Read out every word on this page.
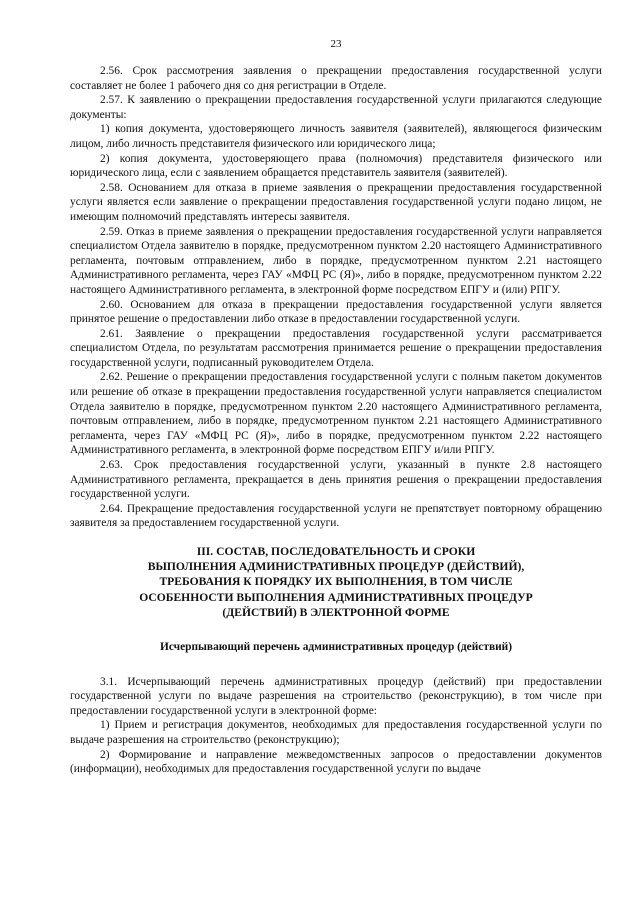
23

2.56. Срок рассмотрения заявления о прекращении предоставления государственной услуги составляет не более 1 рабочего дня со дня регистрации в Отделе.

2.57. К заявлению о прекращении предоставления государственной услуги прилагаются следующие документы:

1) копия документа, удостоверяющего личность заявителя (заявителей), являющегося физическим лицом, либо личность представителя физического или юридического лица;

2) копия документа, удостоверяющего права (полномочия) представителя физического или юридического лица, если с заявлением обращается представитель заявителя (заявителей).

2.58. Основанием для отказа в приеме заявления о прекращении предоставления государственной услуги является если заявление о прекращении предоставления государственной услуги подано лицом, не имеющим полномочий представлять интересы заявителя.

2.59. Отказ в приеме заявления о прекращении предоставления государственной услуги направляется специалистом Отдела заявителю в порядке, предусмотренном пунктом 2.20 настоящего Административного регламента, почтовым отправлением, либо в порядке, предусмотренном пунктом 2.21 настоящего Административного регламента, через ГАУ «МФЦ РС (Я)», либо в порядке, предусмотренном пунктом 2.22 настоящего Административного регламента, в электронной форме посредством ЕПГУ и (или) РПГУ.

2.60. Основанием для отказа в прекращении предоставления государственной услуги является принятое решение о предоставлении либо отказе в предоставлении государственной услуги.

2.61. Заявление о прекращении предоставления государственной услуги рассматривается специалистом Отдела, по результатам рассмотрения принимается решение о прекращении предоставления государственной услуги, подписанный руководителем Отдела.

2.62. Решение о прекращении предоставления государственной услуги с полным пакетом документов или решение об отказе в прекращении предоставления государственной услуги направляется специалистом Отдела заявителю в порядке, предусмотренном пунктом 2.20 настоящего Административного регламента, почтовым отправлением, либо в порядке, предусмотренном пунктом 2.21 настоящего Административного регламента, через ГАУ «МФЦ РС (Я)», либо в порядке, предусмотренном пунктом 2.22 настоящего Административного регламента, в электронной форме посредством ЕПГУ и/или РПГУ.

2.63. Срок предоставления государственной услуги, указанный в пункте 2.8 настоящего Административного регламента, прекращается в день принятия решения о прекращении предоставления государственной услуги.

2.64. Прекращение предоставления государственной услуги не препятствует повторному обращению заявителя за предоставлением государственной услуги.

III. СОСТАВ, ПОСЛЕДОВАТЕЛЬНОСТЬ И СРОКИ
ВЫПОЛНЕНИЯ АДМИНИСТРАТИВНЫХ ПРОЦЕДУР (ДЕЙСТВИЙ),
ТРЕБОВАНИЯ К ПОРЯДКУ ИХ ВЫПОЛНЕНИЯ, В ТОМ ЧИСЛЕ
ОСОБЕННОСТИ ВЫПОЛНЕНИЯ АДМИНИСТРАТИВНЫХ ПРОЦЕДУР
(ДЕЙСТВИЙ) В ЭЛЕКТРОННОЙ ФОРМЕ
Исчерпывающий перечень административных процедур (действий)

3.1. Исчерпывающий перечень административных процедур (действий) при предоставлении государственной услуги по выдаче разрешения на строительство (реконструкцию), в том числе при предоставлении государственной услуги в электронной форме:

1) Прием и регистрация документов, необходимых для предоставления государственной услуги по выдаче разрешения на строительство (реконструкцию);

2) Формирование и направление межведомственных запросов о предоставлении документов (информации), необходимых для предоставления государственной услуги по выдаче
